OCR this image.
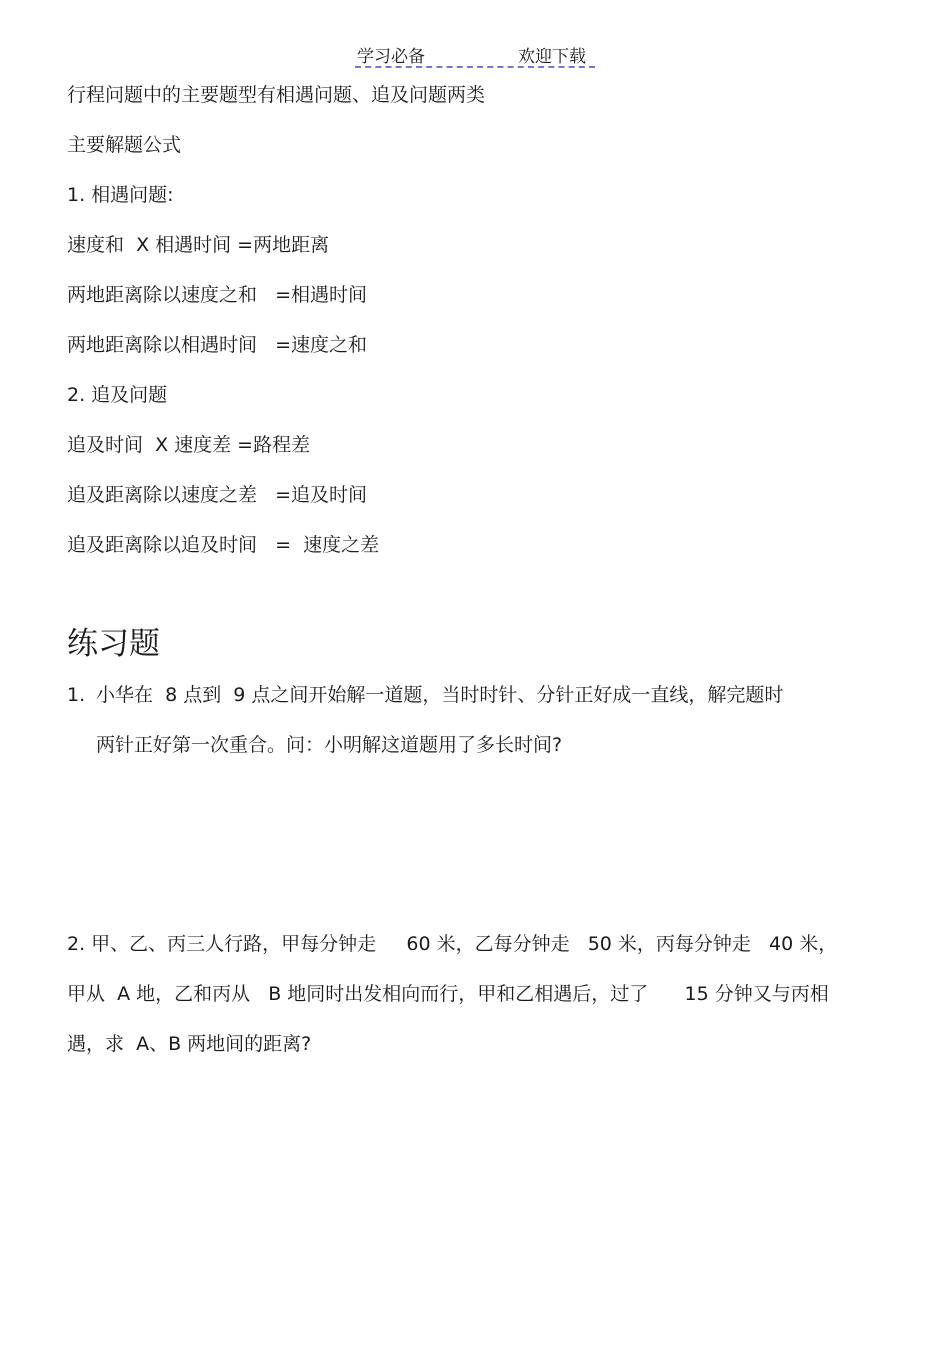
学习必备	欢迎下载
行程问题中的主要题型有相遇问题、追及问题两类
主要解题公式
1. 相遇问题:
速度和  X 相遇时间 =两地距离
两地距离除以速度之和   =相遇时间
两地距离除以相遇时间   =速度之和
2. 追及问题
追及时间  X 速度差 =路程差
追及距离除以速度之差   =追及时间
追及距离除以追及时间   =  速度之差
练习题
1. 小华在  8 点到  9 点之间开始解一道题，当时时针、分针正好成一直线，解完题时
两针正好第一次重合。问：小明解这道题用了多长时间?
2. 甲、乙、丙三人行路，甲每分钟走     60 米，乙每分钟走   50 米，丙每分钟走   40 米，
甲从  A 地，乙和丙从   B 地同时出发相向而行，甲和乙相遇后，过了      15 分钟又与丙相
遇，求  A、B 两地间的距离?
